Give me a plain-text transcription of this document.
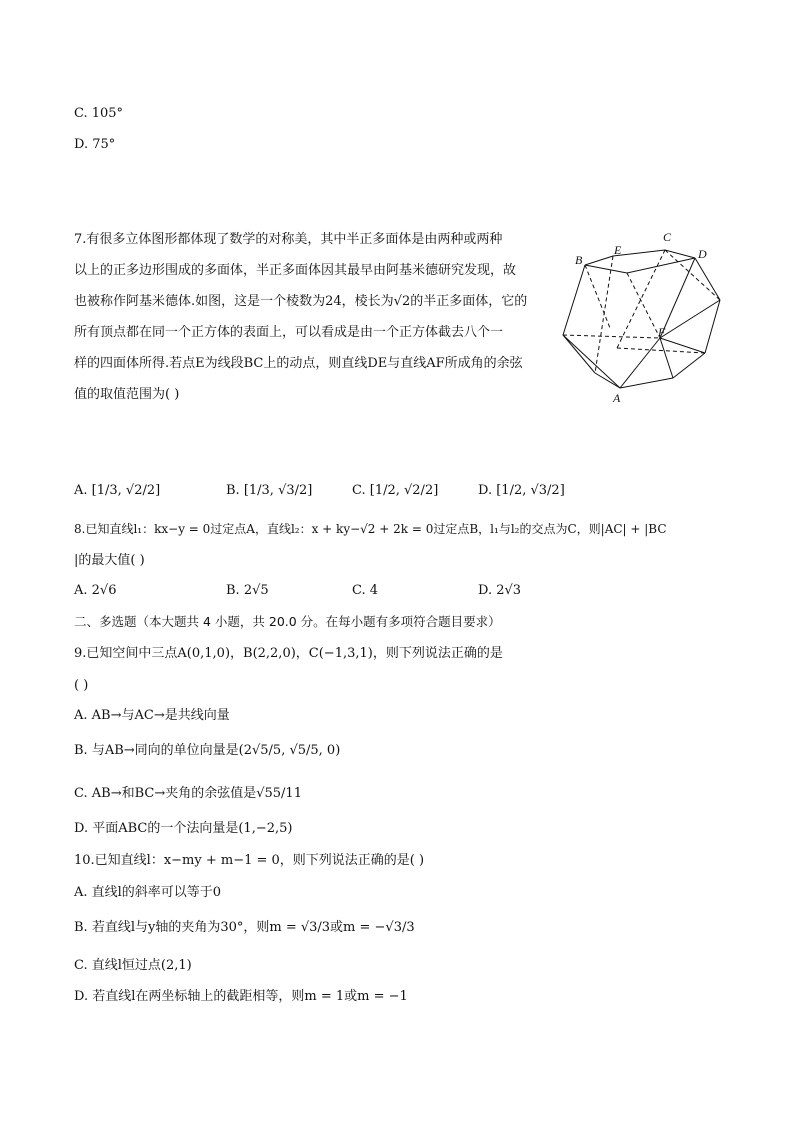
C. 105°
D. 75°
7.有很多立体图形都体现了数学的对称美，其中半正多面体是由两种或两种
以上的正多边形围成的多面体，半正多面体因其最早由阿基米德研究发现，故
也被称作阿基米德体.如图，这是一个棱数为24，棱长为√2的半正多面体，它的
所有顶点都在同一个正方体的表面上，可以看成是由一个正方体截去八个一
样的四面体所得.若点E为线段BC上的动点，则直线DE与直线AF所成角的余弦
值的取值范围为( )
B
E
C
D
F
A
A. [1/3, √2/2]	B. [1/3, √3/2]	C. [1/2, √2/2]	D. [1/2, √3/2]
8.已知直线l₁：kx−y = 0过定点A，直线l₂：x + ky−√2 + 2k = 0过定点B，l₁与l₂的交点为C，则|AC| + |BC
|的最大值( )
A. 2√6	B. 2√5	C. 4	D. 2√3
二、多选题（本大题共 4 小题，共 20.0 分。在每小题有多项符合题目要求）
9.已知空间中三点A(0,1,0)，B(2,2,0)，C(−1,3,1)，则下列说法正确的是
( )
A. AB→与AC→是共线向量
B. 与AB→同向的单位向量是(2√5/5, √5/5, 0)
C. AB→和BC→夹角的余弦值是√55/11
D. 平面ABC的一个法向量是(1,−2,5)
10.已知直线l：x−my + m−1 = 0，则下列说法正确的是( )
A. 直线l的斜率可以等于0
B. 若直线l与y轴的夹角为30°，则m = √3/3或m = −√3/3
C. 直线l恒过点(2,1)
D. 若直线l在两坐标轴上的截距相等，则m = 1或m = −1
